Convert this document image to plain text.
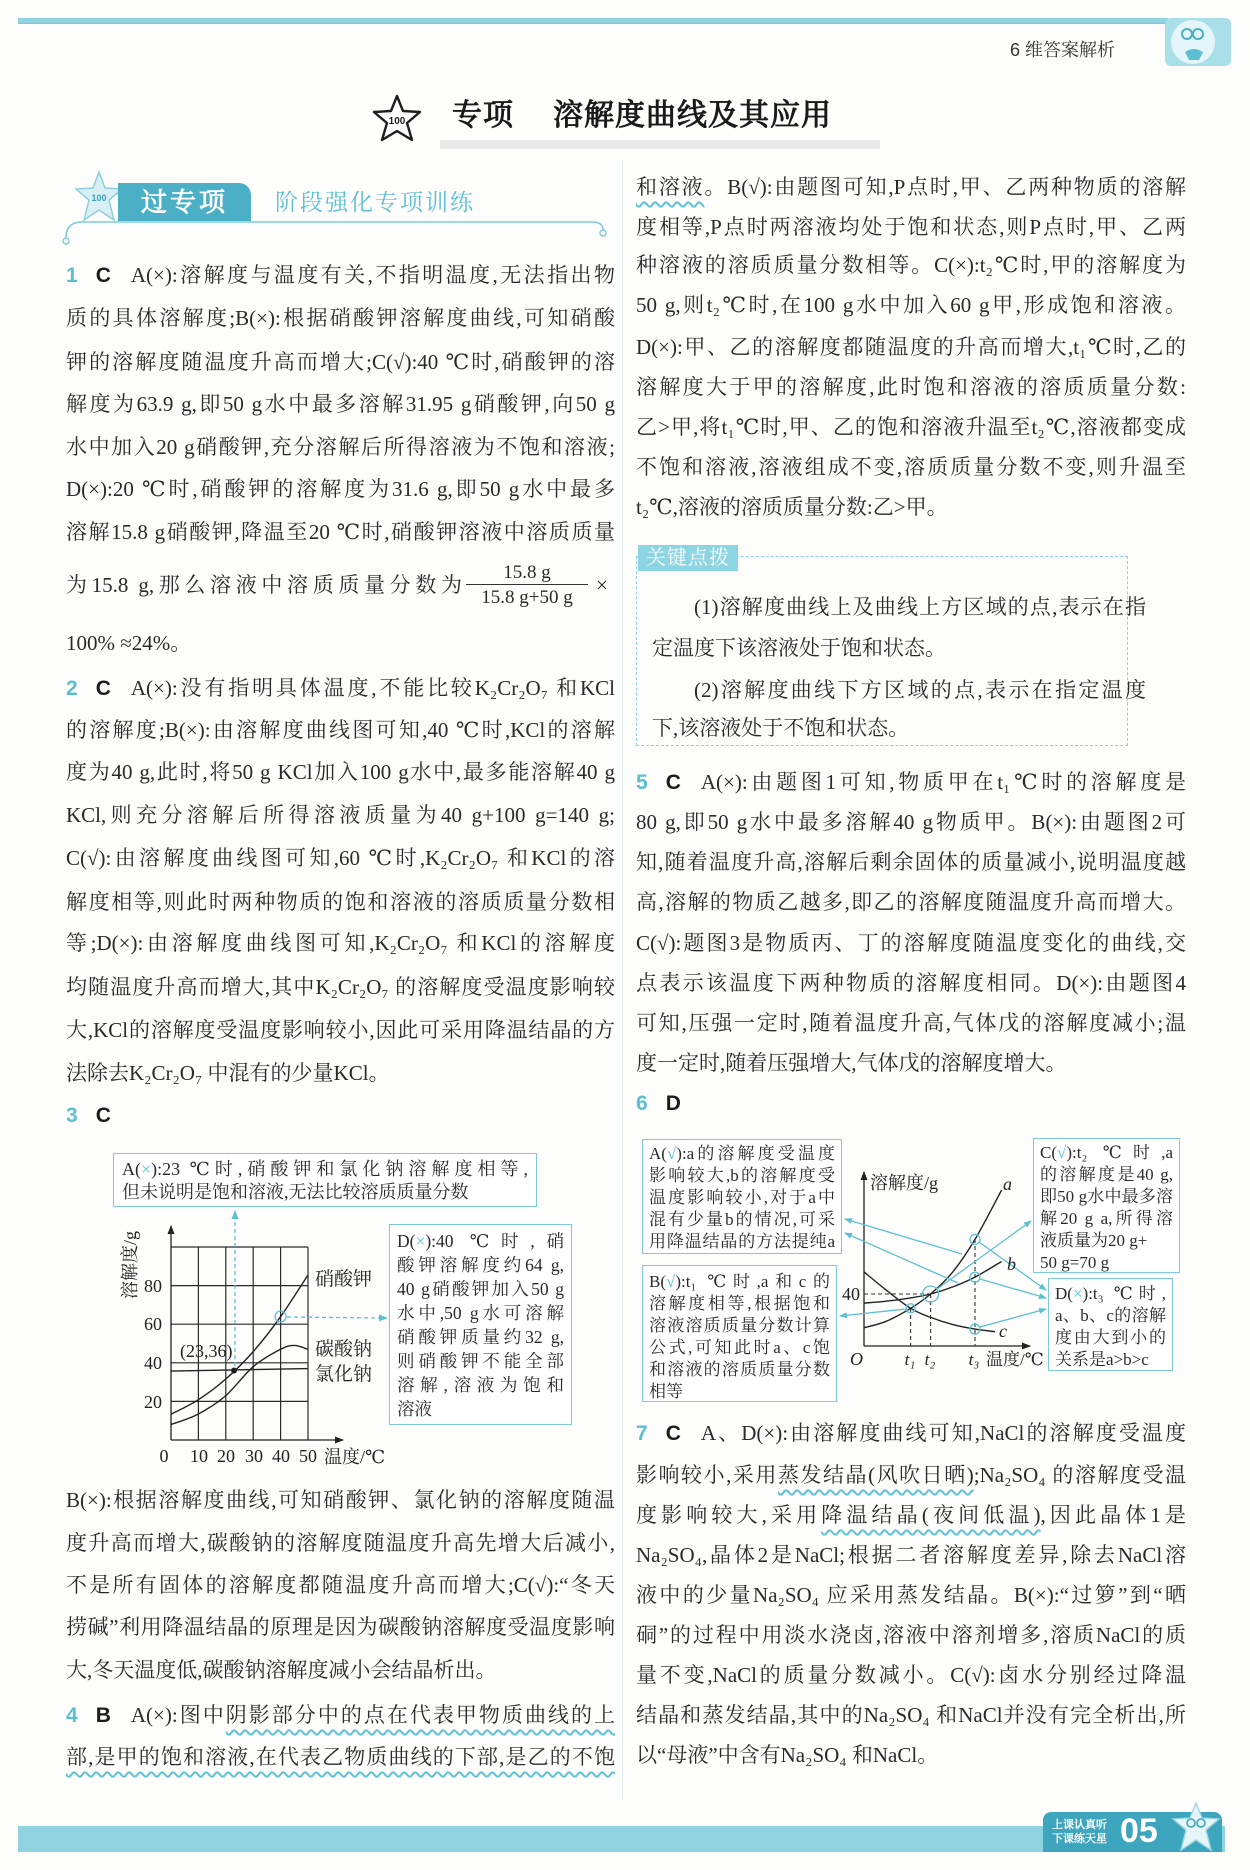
6 维答案解析
100 专项 溶解度曲线及其应用
100	过专项	阶段强化专项训练
1 C A(×):溶解度与温度有关,不指明温度,无法指出物
质的具体溶解度;B(×):根据硝酸钾溶解度曲线,可知硝酸
钾的溶解度随温度升高而增大;C(√):40 ℃时,硝酸钾的溶
解度为63.9 g,即50 g水中最多溶解31.95 g硝酸钾,向50 g
水中加入20 g硝酸钾,充分溶解后所得溶液为不饱和溶液;
D(×):20 ℃时,硝酸钾的溶解度为31.6 g,即50 g水中最多
溶解15.8 g硝酸钾,降温至20 ℃时,硝酸钾溶液中溶质质量
为15.8 g,那么溶液中溶质质量分数为 $\frac{15.8 g}{15.8 g+50 g}$ ×
100% ≈24%。
2 C A(×):没有指明具体温度,不能比较K₂Cr₂O₇ 和KCl
的溶解度;B(×):由溶解度曲线图可知,40 ℃时,KCl的溶解
度为40 g,此时,将50 g KCl加入100 g水中,最多能溶解40 g
KCl,则充分溶解后所得溶液质量为40 g+100 g=140 g;
C(√):由溶解度曲线图可知,60 ℃时,K₂Cr₂O₇ 和KCl的溶
解度相等,则此时两种物质的饱和溶液的溶质质量分数相
等;D(×):由溶解度曲线图可知,K₂Cr₂O₇ 和KCl的溶解度
均随温度升高而增大,其中K₂Cr₂O₇ 的溶解度受温度影响较
大,KCl的溶解度受温度影响较小,因此可采用降温结晶的方
法除去K₂Cr₂O₇ 中混有的少量KCl。
3 C
80
60
40
20
0	10 20 30 40 50 温度/℃
溶解度/g	硝酸钾
碳酸钠
氯化钠
(23,36)
A(×):23 ℃时,硝酸钾和氯化钠溶解度相等,
但未说明是饱和溶液,无法比较溶质质量分数
D(×):40 ℃时,硝
酸钾溶解度约64 g,
40 g硝酸钾加入50 g
水中,50 g水可溶解
硝酸钾质量约32 g,
则硝酸钾不能全部
溶解,溶液为饱和
溶液
B(×):根据溶解度曲线,可知硝酸钾、氯化钠的溶解度随温
度升高而增大,碳酸钠的溶解度随温度升高先增大后减小,
不是所有固体的溶解度都随温度升高而增大;C(√):“冬天
捞碱”利用降温结晶的原理是因为碳酸钠溶解度受温度影响
大,冬天温度低,碳酸钠溶解度减小会结晶析出。
4 B A(×):图中阴影部分中的点在代表甲物质曲线的上
部,是甲的饱和溶液,在代表乙物质曲线的下部,是乙的不饱
和溶液。B(√):由题图可知,P点时,甲、乙两种物质的溶解
度相等,P点时两溶液均处于饱和状态,则P点时,甲、乙两
种溶液的溶质质量分数相等。C(×):t₂℃时,甲的溶解度为
50 g,则t₂℃时,在100 g水中加入60 g甲,形成饱和溶液。
D(×):甲、乙的溶解度都随温度的升高而增大,t₁℃时,乙的
溶解度大于甲的溶解度,此时饱和溶液的溶质质量分数:
乙>甲,将t₁℃时,甲、乙的饱和溶液升温至t₂℃,溶液都变成
不饱和溶液,溶液组成不变,溶质质量分数不变,则升温至
t₂℃,溶液的溶质质量分数:乙>甲。
关键点拨
(1)溶解度曲线上及曲线上方区域的点,表示在指
定温度下该溶液处于饱和状态。
(2)溶解度曲线下方区域的点,表示在指定温度
下,该溶液处于不饱和状态。
5 C A(×):由题图1可知,物质甲在t₁℃时的溶解度是
80 g,即50 g水中最多溶解40 g物质甲。B(×):由题图2可
知,随着温度升高,溶解后剩余固体的质量减小,说明温度越
高,溶解的物质乙越多,即乙的溶解度随温度升高而增大。
C(√):题图3是物质丙、丁的溶解度随温度变化的曲线,交
点表示该温度下两种物质的溶解度相同。D(×):由题图4
可知,压强一定时,随着温度升高,气体戊的溶解度减小;温
度一定时,随着压强增大,气体戊的溶解度增大。
6 D
溶解度/g
40
O t₁ t₂ t₃ 温度/℃
a
b
c
A(√):a的溶解度受温度
影响较大,b的溶解度受
温度影响较小,对于a中
混有少量b的情况,可采
用降温结晶的方法提纯a
B(√):t₁ ℃时,a和c的
溶解度相等,根据饱和
溶液溶质质量分数计算
公式,可知此时a、c饱
和溶液的溶质质量分数
相等
C(√):t₂ ℃时,a
的溶解度是40 g,
即50 g水中最多溶
解20 g a,所得溶
液质量为20 g+
50 g=70 g
D(×):t₃ ℃时,
a、b、c的溶解
度由大到小的
关系是a>b>c
7 C A、D(×):由溶解度曲线可知,NaCl的溶解度受温度
影响较小,采用蒸发结晶(风吹日晒);Na₂SO₄ 的溶解度受温
度影响较大,采用降温结晶(夜间低温),因此晶体1是
Na₂SO₄,晶体2是NaCl;根据二者溶解度差异,除去NaCl溶
液中的少量Na₂SO₄ 应采用蒸发结晶。B(×):“过箩”到“晒
硐”的过程中用淡水浇卤,溶液中溶剂增多,溶质NaCl的质
量不变,NaCl的质量分数减小。C(√):卤水分别经过降温
结晶和蒸发结晶,其中的Na₂SO₄ 和NaCl并没有完全析出,所
以“母液”中含有Na₂SO₄ 和NaCl。
上课认真听
下课练天星 05
